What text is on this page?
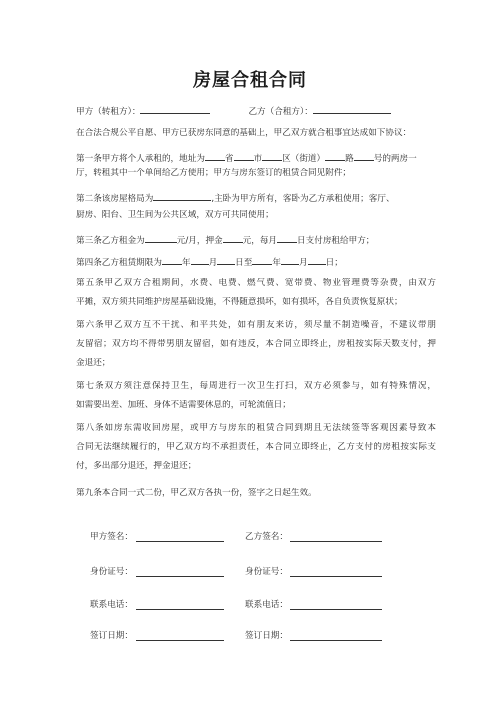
房屋合租合同
甲方（转租方）：	乙方（合租方）：
在合法合规公平自愿、甲方已获房东同意的基础上，甲乙双方就合租事宜达成如下协议：
第一条甲方将个人承租的，地址为 省 市 区（街道） 路 号的两房一
厅，转租其中一个单间给乙方使用；甲方与房东签订的租赁合同见附件；
第二条该房屋格局为	,主卧为甲方所有，客卧为乙方承租使用；客厅、
厨房、阳台、卫生间为公共区域，双方可共同使用；
第三条乙方租金为	元/月，押金 元，每月 日支付房租给甲方；
第四条乙方租赁期限为 年 月 日至 年 月 日；
第五条甲乙双方合租期间，水费、电费、燃气费、宽带费、物业管理费等杂费，由双方
平摊，双方须共同维护房屋基础设施，不得随意损坏，如有损坏，各自负责恢复原状；
第六条甲乙双方互不干扰、和平共处，如有朋友来访，须尽量不制造噪音，不建议带朋
友留宿；双方均不得带男朋友留宿，如有违反，本合同立即终止，房租按实际天数支付，押
金退还；
第七条双方须注意保持卫生，每周进行一次卫生打扫，双方必须参与，如有特殊情况，
如需要出差、加班、身体不适需要休息的，可轮流值日；
第八条如房东需收回房屋，或甲方与房东的租赁合同到期且无法续签等客观因素导致本
合同无法继续履行的，甲乙双方均不承担责任，本合同立即终止，乙方支付的房租按实际支
付，多出部分退还，押金退还；
第九条本合同一式二份，甲乙双方各执一份，签字之日起生效。
甲方签名：	乙方签名：
身份证号：	身份证号：
联系电话：	联系电话：
签订日期：	签订日期：
